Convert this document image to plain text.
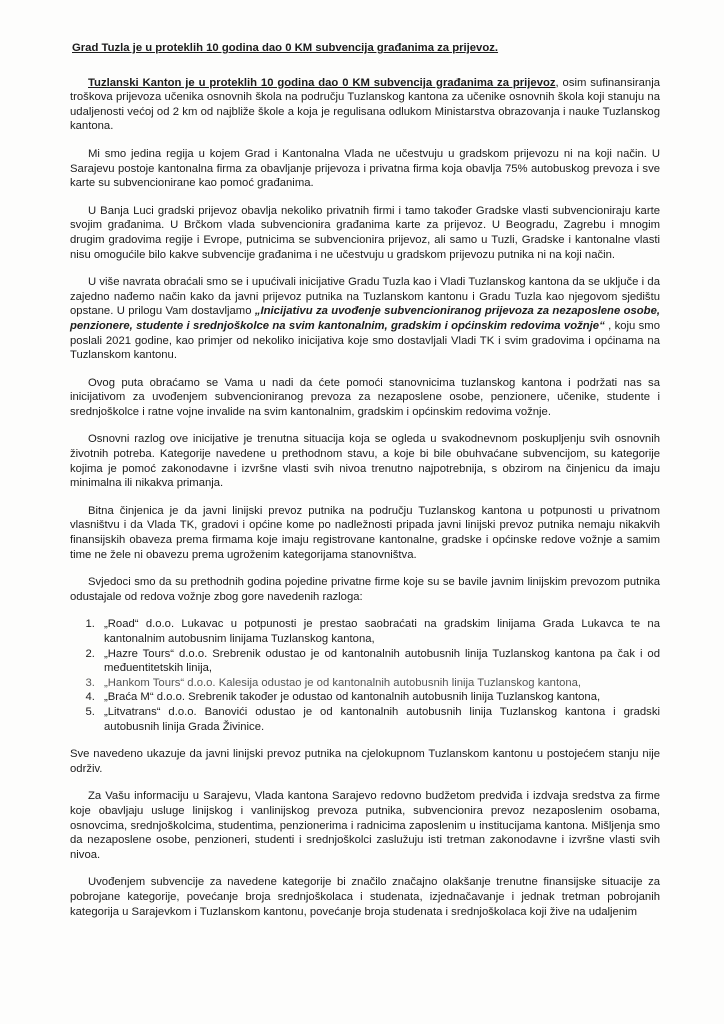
Grad Tuzla je u proteklih 10 godina dao 0 KM subvencija građanima za prijevoz.

Tuzlanski Kanton je u proteklih 10 godina dao 0 KM subvencija građanima za prijevoz, osim sufinansiranja troškova prijevoza učenika osnovnih škola na području Tuzlanskog kantona za učenike osnovnih škola koji stanuju na udaljenosti većoj od 2 km od najbliže škole a koja je regulisana odlukom Ministarstva obrazovanja i nauke Tuzlanskog kantona.

Mi smo jedina regija u kojem Grad i Kantonalna Vlada ne učestvuju u gradskom prijevozu ni na koji način. U Sarajevu postoje kantonalna firma za obavljanje prijevoza i privatna firma koja obavlja 75% autobuskog prevoza i sve karte su subvencionirane kao pomoć građanima.

U Banja Luci gradski prijevoz obavlja nekoliko privatnih firmi i tamo također Gradske vlasti subvencioniraju karte svojim građanima. U Brčkom vlada subvencionira građanima karte za prijevoz. U Beogradu, Zagrebu i mnogim drugim gradovima regije i Evrope, putnicima se subvencionira prijevoz, ali samo u Tuzli, Gradske i kantonalne vlasti nisu omogućile bilo kakve subvencije građanima i ne učestvuju u gradskom prijevozu putnika ni na koji način.

U više navrata obraćali smo se i upućivali inicijative Gradu Tuzla kao i Vladi Tuzlanskog kantona da se uključe i da zajedno nađemo način kako da javni prijevoz putnika na Tuzlanskom kantonu i Gradu Tuzla kao njegovom sjedištu opstane. U prilogu Vam dostavljamo „Inicijativu za uvođenje subvencioniranog prijevoza za nezaposlene osobe, penzionere, studente i srednjoškolce na svim kantonalnim, gradskim i općinskim redovima vožnje“ , koju smo poslali 2021 godine, kao primjer od nekoliko inicijativa koje smo dostavljali Vladi TK i svim gradovima i općinama na Tuzlanskom kantonu.

Ovog puta obraćamo se Vama u nadi da ćete pomoći stanovnicima tuzlanskog kantona i podržati nas sa inicijativom za uvođenjem subvencioniranog prevoza za nezaposlene osobe, penzionere, učenike, studente i srednjoškolce i ratne vojne invalide na svim kantonalnim, gradskim i općinskim redovima vožnje.

Osnovni razlog ove inicijative je trenutna situacija koja se ogleda u svakodnevnom poskupljenju svih osnovnih životnih potreba. Kategorije navedene u prethodnom stavu, a koje bi bile obuhvaćane subvencijom, su kategorije kojima je pomoć zakonodavne i izvršne vlasti svih nivoa trenutno najpotrebnija, s obzirom na činjenicu da imaju minimalna ili nikakva primanja.

Bitna činjenica je da javni linijski prevoz putnika na području Tuzlanskog kantona u potpunosti u privatnom vlasništvu i da Vlada TK, gradovi i općine kome po nadležnosti pripada javni linijski prevoz putnika nemaju nikakvih finansijskih obaveza prema firmama koje imaju registrovane kantonalne, gradske i općinske redove vožnje a samim time ne žele ni obavezu prema ugroženim kategorijama stanovništva.

Svjedoci smo da su prethodnih godina pojedine privatne firme koje su se bavile javnim linijskim prevozom putnika odustajale od redova vožnje zbog gore navedenih razloga:

1. „Road“ d.o.o. Lukavac u potpunosti je prestao saobraćati na gradskim linijama Grada Lukavca te na kantonalnim autobusnim linijama Tuzlanskog kantona,
2. „Hazre Tours“ d.o.o. Srebrenik odustao je od kantonalnih autobusnih linija Tuzlanskog kantona pa čak i od međuentitetskih linija,
3. „Hankom Tours“ d.o.o. Kalesija odustao je od kantonalnih autobusnih linija Tuzlanskog kantona,
4. „Braća M“ d.o.o. Srebrenik također je odustao od kantonalnih autobusnih linija Tuzlanskog kantona,
5. „Litvatrans“ d.o.o. Banovići odustao je od kantonalnih autobusnih linija Tuzlanskog kantona i gradski autobusnih linija Grada Živinice.

Sve navedeno ukazuje da javni linijski prevoz putnika na cjelokupnom Tuzlanskom kantonu u postojećem stanju nije održiv.

Za Vašu informaciju u Sarajevu, Vlada kantona Sarajevo redovno budžetom predviđa i izdvaja sredstva za firme koje obavljaju usluge linijskog i vanlinijskog prevoza putnika, subvencionira prevoz nezaposlenim osobama, osnovcima, srednjoškolcima, studentima, penzionerima i radnicima zaposlenim u institucijama kantona. Mišljenja smo da nezaposlene osobe, penzioneri, studenti i srednjoškolci zaslužuju isti tretman zakonodavne i izvršne vlasti svih nivoa.

Uvođenjem subvencije za navedene kategorije bi značilo značajno olakšanje trenutne finansijske situacije za pobrojane kategorije, povećanje broja srednjoškolaca i studenata, izjednačavanje i jednak tretman pobrojanih kategorija u Sarajevkom i Tuzlanskom kantonu, povećanje broja studenata i srednjoškolaca koji žive na udaljenim
